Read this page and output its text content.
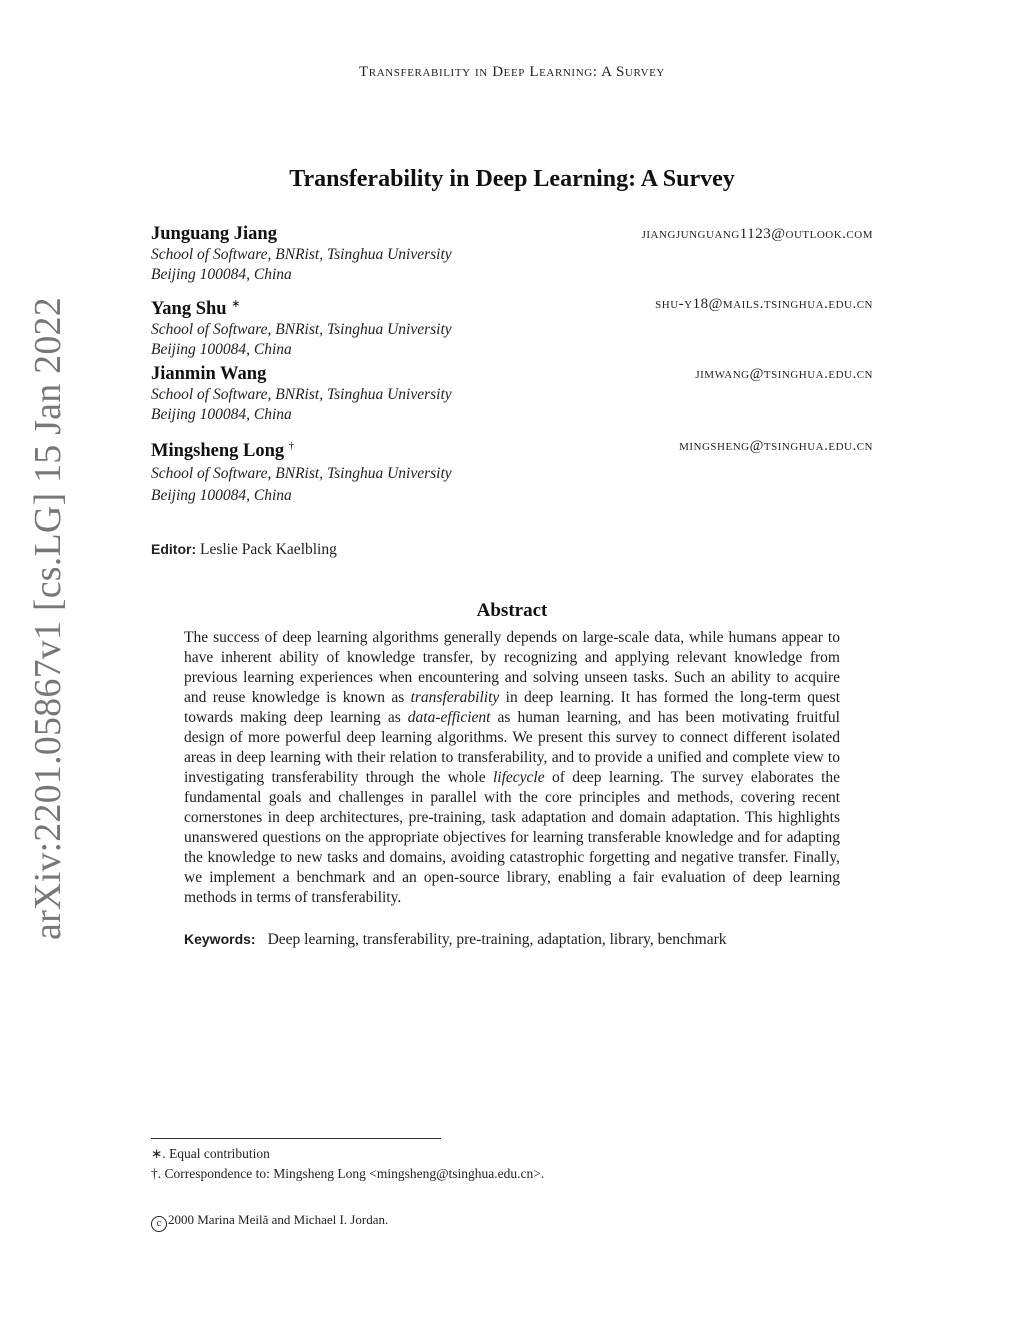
Transferability in Deep Learning: A Survey
arXiv:2201.05867v1 [cs.LG] 15 Jan 2022
Transferability in Deep Learning: A Survey
Junguang Jiang	jiangjunguang1123@outlook.com
School of Software, BNRist, Tsinghua University
Beijing 100084, China
Yang Shu ∗	shu-y18@mails.tsinghua.edu.cn
School of Software, BNRist, Tsinghua University
Beijing 100084, China
Jianmin Wang	jimwang@tsinghua.edu.cn
School of Software, BNRist, Tsinghua University
Beijing 100084, China
Mingsheng Long †	mingsheng@tsinghua.edu.cn
School of Software, BNRist, Tsinghua University
Beijing 100084, China
Editor: Leslie Pack Kaelbling
Abstract
The success of deep learning algorithms generally depends on large-scale data, while humans appear to have inherent ability of knowledge transfer, by recognizing and applying relevant knowledge from previous learning experiences when encountering and solving unseen tasks. Such an ability to acquire and reuse knowledge is known as transferability in deep learning. It has formed the long-term quest towards making deep learning as data-efficient as human learning, and has been motivating fruitful design of more powerful deep learning algorithms. We present this survey to connect different isolated areas in deep learning with their relation to transferability, and to provide a unified and complete view to investigating transferability through the whole lifecycle of deep learning. The survey elaborates the fundamental goals and challenges in parallel with the core principles and methods, covering recent cornerstones in deep architectures, pre-training, task adaptation and domain adaptation. This highlights unanswered questions on the appropriate objectives for learning transferable knowledge and for adapting the knowledge to new tasks and domains, avoiding catastrophic forgetting and negative transfer. Finally, we implement a benchmark and an open-source library, enabling a fair evaluation of deep learning methods in terms of transferability.
Keywords: Deep learning, transferability, pre-training, adaptation, library, benchmark
∗. Equal contribution
†. Correspondence to: Mingsheng Long <mingsheng@tsinghua.edu.cn>.
c 2000 Marina Meilă and Michael I. Jordan.
